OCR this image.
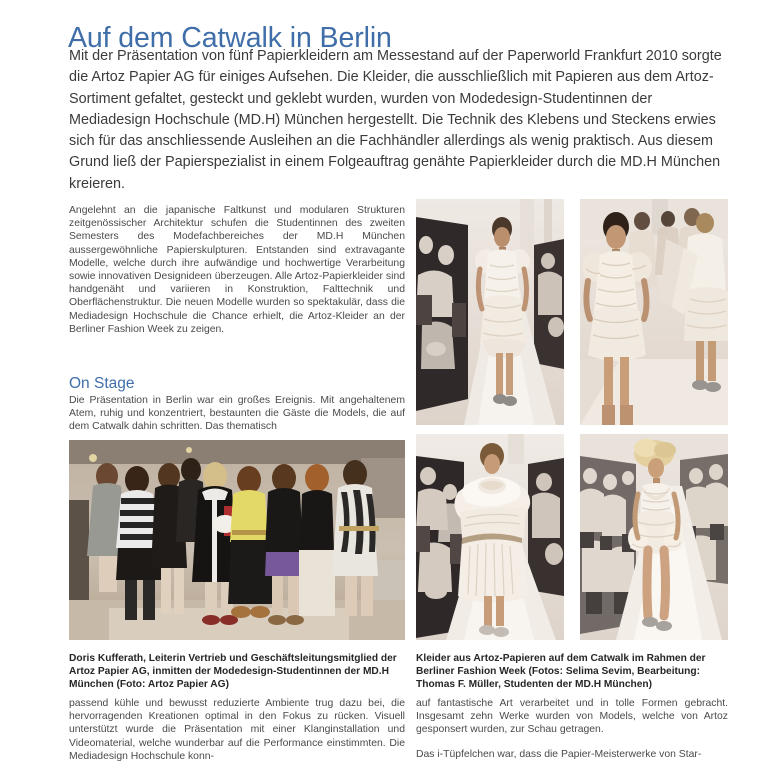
Auf dem Catwalk in Berlin
Mit der Präsentation von fünf Papierkleidern am Messestand auf der Paperworld Frankfurt 2010 sorgte die Artoz Papier AG für einiges Aufsehen. Die Kleider, die ausschließlich mit Papieren aus dem Artoz-Sortiment gefaltet, gesteckt und geklebt wurden, wurden von Modedesign-Studentinnen der Mediadesign Hochschule (MD.H) München hergestellt. Die Technik des Klebens und Steckens erwies sich für das anschliessende Ausleihen an die Fachhändler allerdings als wenig praktisch. Aus diesem Grund ließ der Papierspezialist in einem Folgeauftrag genähte Papierkleider durch die MD.H München kreieren.

Angelehnt an die japanische Faltkunst und modularen Strukturen zeitgenössischer Architektur schufen die Studentinnen des zweiten Semesters des Modefachbereiches der MD.H München aussergewöhnliche Papierskulpturen. Entstanden sind extravagante Modelle, welche durch ihre aufwändige und hochwertige Verarbeitung sowie innovativen Designideen überzeugen. Alle Artoz-Papierkleider sind handgenäht und variieren in Konstruktion, Falttechnik und Oberflächenstruktur. Die neuen Modelle wurden so spektakulär, dass die Mediadesign Hochschule die Chance erhielt, die Artoz-Kleider an der Berliner Fashion Week zu zeigen.

On Stage

Die Präsentation in Berlin war ein großes Ereignis. Mit angehaltenem Atem, ruhig und konzentriert, bestaunten die Gäste die Models, die auf dem Catwalk dahin schritten. Das thematisch

Doris Kufferath, Leiterin Vertrieb und Geschäftsleitungsmitglied der Artoz Papier AG, inmitten der Modedesign-Studentinnen der MD.H München (Foto: Artoz Papier AG)

passend kühle und bewusst reduzierte Ambiente trug dazu bei, die hervorragenden Kreationen optimal in den Fokus zu rücken. Visuell unterstützt wurde die Präsentation mit einer Klanginstallation und Videomaterial, welche wunderbar auf die Performance einstimmten. Die Mediadesign Hochschule konn-

Kleider aus Artoz-Papieren auf dem Catwalk im Rahmen der Berliner Fashion Week (Fotos: Selima Sevim, Bearbeitung: Thomas F. Müller, Studenten der MD.H München)

auf fantastische Art verarbeitet und in tolle Formen gebracht. Insgesamt zehn Werke wurden von Models, welche von Artoz gesponsert wurden, zur Schau getragen.

Das i-Tüpfelchen war, dass die Papier-Meisterwerke von Star-
